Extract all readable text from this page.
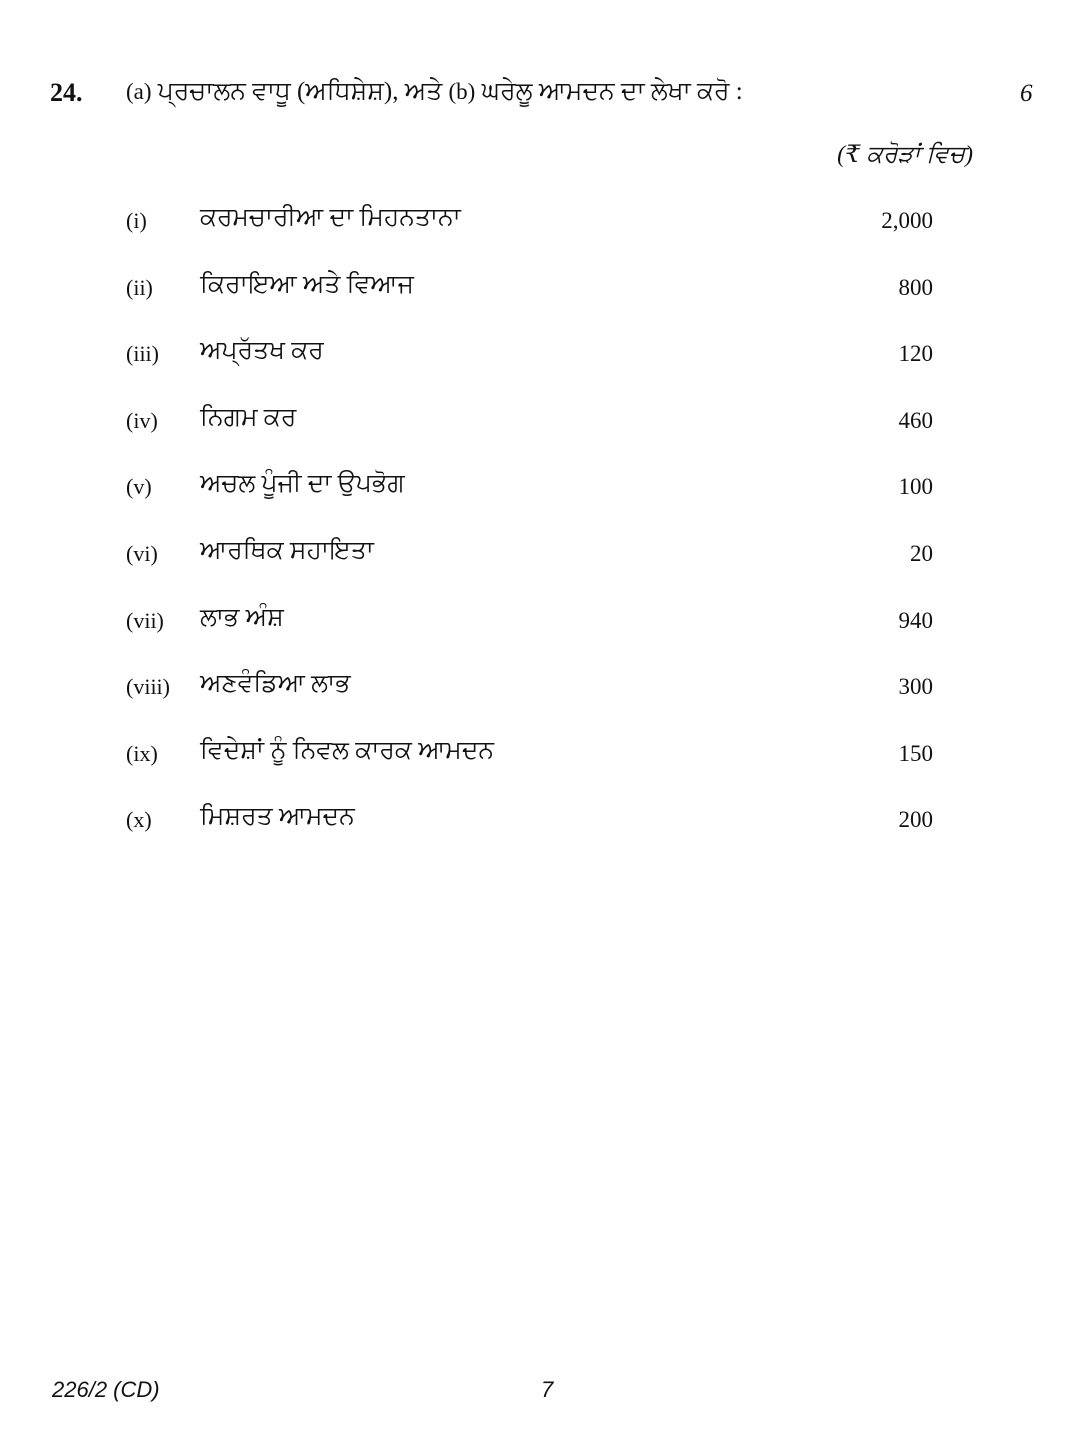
24. (a) ਪ੍ਰਚਾਲਨ ਵਾਧੂ (ਅਧਿਸ਼ੇਸ਼), ਅਤੇ (b) ਘਰੇਲੂ ਆਮਦਨ ਦਾ ਲੇਖਾ ਕਰੋ :	6
(₹ ਕਰੋੜਾਂ ਵਿਚ)
(i) ਕਰਮਚਾਰੀਆ ਦਾ ਮਿਹਨਤਾਨਾ	2,000
(ii) ਕਿਰਾਇਆ ਅਤੇ ਵਿਆਜ	800
(iii) ਅਪ੍ਰੱਤਖ ਕਰ	120
(iv) ਨਿਗਮ ਕਰ	460
(v) ਅਚਲ ਪੂੰਜੀ ਦਾ ਉਪਭੋਗ	100
(vi) ਆਰਥਿਕ ਸਹਾਇਤਾ	20
(vii) ਲਾਭ ਅੰਸ਼	940
(viii) ਅਣਵੰਡਿਆ ਲਾਭ	300
(ix) ਵਿਦੇਸ਼ਾਂ ਨੂੰ ਨਿਵਲ ਕਾਰਕ ਆਮਦਨ	150
(x) ਮਿਸ਼ਰਤ ਆਮਦਨ	200
226/2 (CD)	7
